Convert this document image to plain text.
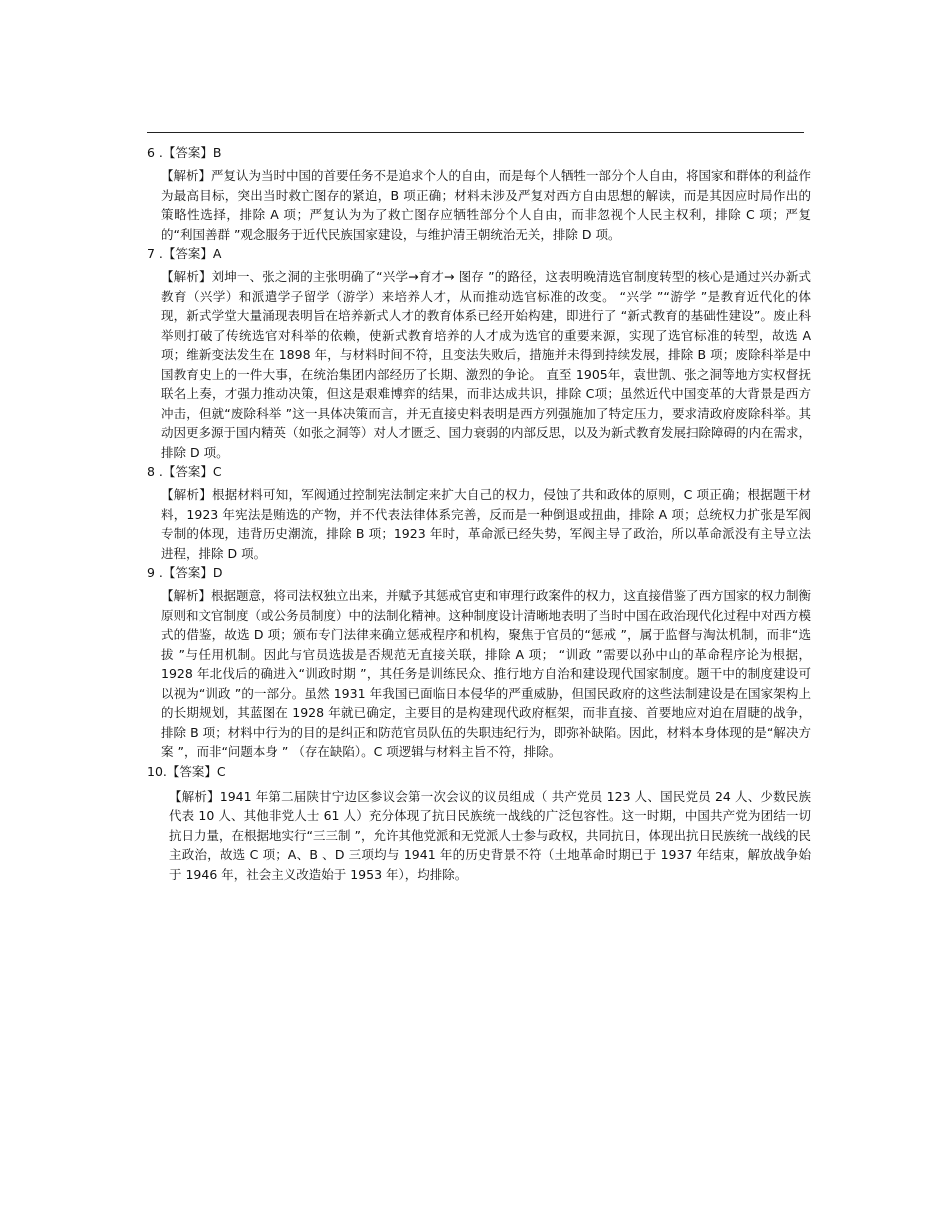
6 .【答案】B

【解析】严复认为当时中国的首要任务不是追求个人的自由，而是每个人牺牲一部分个人自由，将国家和群体的利益作为最高目标，突出当时救亡图存的紧迫，B 项正确；材料未涉及严复对西方自由思想的解读，而是其因应时局作出的策略性选择，排除 A 项；严复认为为了救亡图存应牺牲部分个人自由，而非忽视个人民主权利，排除 C 项；严复的“利国善群 ”观念服务于近代民族国家建设，与维护清王朝统治无关，排除 D 项。

7 .【答案】A

【解析】刘坤一、张之洞的主张明确了“兴学→育才→ 图存 ”的路径，这表明晚清选官制度转型的核心是通过兴办新式教育（兴学）和派遣学子留学（游学）来培养人才，从而推动选官标准的改变。 “兴学 ”“游学 ”是教育近代化的体现，新式学堂大量涌现表明旨在培养新式人才的教育体系已经开始构建，即进行了 “新式教育的基础性建设”。废止科举则打破了传统选官对科举的依赖，使新式教育培养的人才成为选官的重要来源，实现了选官标准的转型，故选 A 项；维新变法发生在 1898 年，与材料时间不符，且变法失败后，措施并未得到持续发展，排除 B 项；废除科举是中国教育史上的一件大事，在统治集团内部经历了长期、激烈的争论。 直至 1905年，袁世凯、张之洞等地方实权督抚联名上奏，才强力推动决策，但这是艰难博弈的结果，而非达成共识，排除 C项；虽然近代中国变革的大背景是西方冲击，但就“废除科举 ”这一具体决策而言，并无直接史料表明是西方列强施加了特定压力，要求清政府废除科举。其动因更多源于国内精英（如张之洞等）对人才匮乏、国力衰弱的内部反思，以及为新式教育发展扫除障碍的内在需求，排除 D 项。

8 .【答案】C

【解析】根据材料可知，军阀通过控制宪法制定来扩大自己的权力，侵蚀了共和政体的原则，C 项正确；根据题干材料，1923 年宪法是贿选的产物，并不代表法律体系完善，反而是一种倒退或扭曲，排除 A 项；总统权力扩张是军阀专制的体现，违背历史潮流，排除 B 项；1923 年时，革命派已经失势，军阀主导了政治，所以革命派没有主导立法进程，排除 D 项。

9 .【答案】D

【解析】根据题意，将司法权独立出来，并赋予其惩戒官吏和审理行政案件的权力，这直接借鉴了西方国家的权力制衡原则和文官制度（或公务员制度）中的法制化精神。这种制度设计清晰地表明了当时中国在政治现代化过程中对西方模式的借鉴，故选 D 项；颁布专门法律来确立惩戒程序和机构，聚焦于官员的“惩戒 ”，属于监督与淘汰机制，而非“选拔 ”与任用机制。因此与官员选拔是否规范无直接关联，排除 A 项； “训政 ”需要以孙中山的革命程序论为根据，1928 年北伐后的确进入“训政时期 ”，其任务是训练民众、推行地方自治和建设现代国家制度。题干中的制度建设可以视为“训政 ”的一部分。虽然 1931 年我国已面临日本侵华的严重威胁，但国民政府的这些法制建设是在国家架构上的长期规划，其蓝图在 1928 年就已确定，主要目的是构建现代政府框架，而非直接、首要地应对迫在眉睫的战争，排除 B 项；材料中行为的目的是纠正和防范官员队伍的失职违纪行为，即弥补缺陷。因此，材料本身体现的是“解决方案 ”，而非“问题本身 ” （存在缺陷）。C 项逻辑与材料主旨不符，排除。

10.【答案】C

【解析】1941 年第二届陕甘宁边区参议会第一次会议的议员组成（ 共产党员 123 人、国民党员 24 人、少数民族代表 10 人、其他非党人士 61 人）充分体现了抗日民族统一战线的广泛包容性。这一时期，中国共产党为团结一切抗日力量，在根据地实行“三三制 ”，允许其他党派和无党派人士参与政权，共同抗日，体现出抗日民族统一战线的民主政治，故选 C 项；A、B 、D 三项均与 1941 年的历史背景不符（土地革命时期已于 1937 年结束，解放战争始于 1946 年，社会主义改造始于 1953 年），均排除。
